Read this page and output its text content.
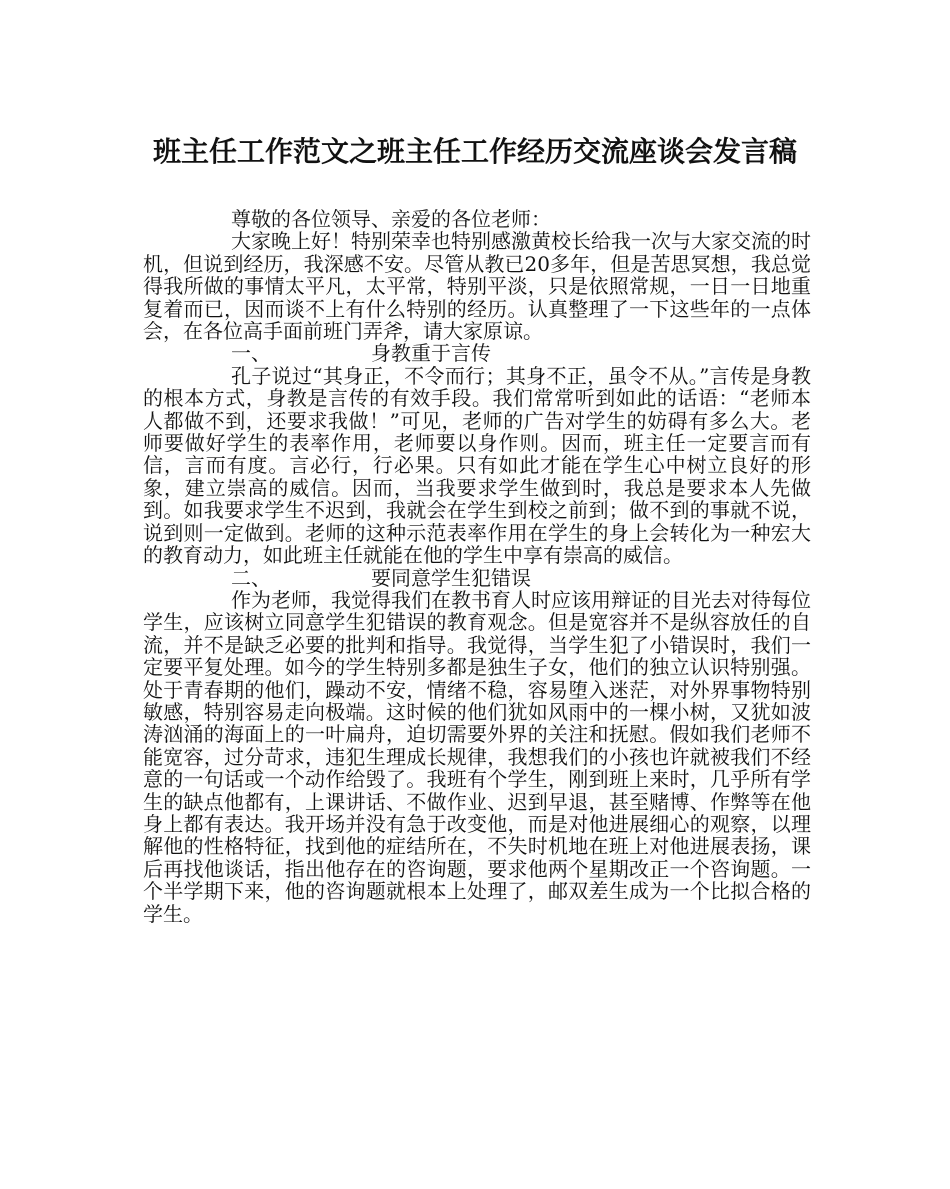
班主任工作范文之班主任工作经历交流座谈会发言稿

尊敬的各位领导、亲爱的各位老师：

大家晚上好！特别荣幸也特别感激黄校长给我一次与大家交流的时机，但说到经历，我深感不安。尽管从教已20多年，但是苦思冥想，我总觉得我所做的事情太平凡，太平常，特别平淡，只是依照常规，一日一日地重复着而已，因而谈不上有什么特别的经历。认真整理了一下这些年的一点体会，在各位高手面前班门弄斧，请大家原谅。

一、	身教重于言传

孔子说过“其身正，不令而行；其身不正，虽令不从。”言传是身教的根本方式，身教是言传的有效手段。我们常常听到如此的话语：“老师本人都做不到，还要求我做！”可见，老师的广告对学生的妨碍有多么大。老师要做好学生的表率作用，老师要以身作则。因而，班主任一定要言而有信，言而有度。言必行，行必果。只有如此才能在学生心中树立良好的形象，建立崇高的威信。因而，当我要求学生做到时，我总是要求本人先做到。如我要求学生不迟到，我就会在学生到校之前到；做不到的事就不说，说到则一定做到。老师的这种示范表率作用在学生的身上会转化为一种宏大的教育动力，如此班主任就能在他的学生中享有崇高的威信。

二、	要同意学生犯错误

作为老师，我觉得我们在教书育人时应该用辩证的目光去对待每位学生，应该树立同意学生犯错误的教育观念。但是宽容并不是纵容放任的自流，并不是缺乏必要的批判和指导。我觉得，当学生犯了小错误时，我们一定要平复处理。如今的学生特别多都是独生子女，他们的独立认识特别强。处于青春期的他们，躁动不安，情绪不稳，容易堕入迷茫，对外界事物特别敏感，特别容易走向极端。这时候的他们犹如风雨中的一棵小树，又犹如波涛汹涌的海面上的一叶扁舟，迫切需要外界的关注和抚慰。假如我们老师不能宽容，过分苛求，违犯生理成长规律，我想我们的小孩也许就被我们不经意的一句话或一个动作给毁了。我班有个学生，刚到班上来时，几乎所有学生的缺点他都有，上课讲话、不做作业、迟到早退，甚至赌博、作弊等在他身上都有表达。我开场并没有急于改变他，而是对他进展细心的观察，以理解他的性格特征，找到他的症结所在，不失时机地在班上对他进展表扬，课后再找他谈话，指出他存在的咨询题，要求他两个星期改正一个咨询题。一个半学期下来，他的咨询题就根本上处理了，邮双差生成为一个比拟合格的学生。
